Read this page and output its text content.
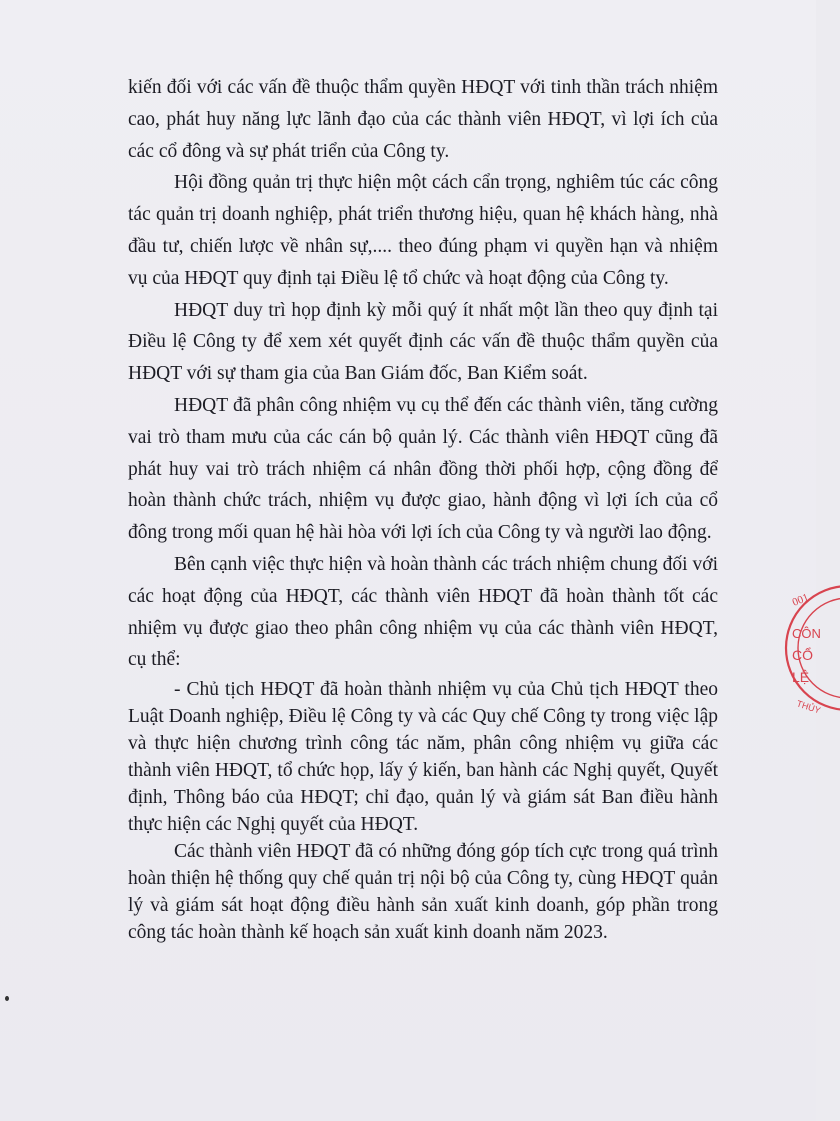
kiến đối với các vấn đề thuộc thẩm quyền HĐQT với tinh thần trách nhiệm cao, phát huy năng lực lãnh đạo của các thành viên HĐQT, vì lợi ích của các cổ đông và sự phát triển của Công ty.

Hội đồng quản trị thực hiện một cách cẩn trọng, nghiêm túc các công tác quản trị doanh nghiệp, phát triển thương hiệu, quan hệ khách hàng, nhà đầu tư, chiến lược về nhân sự,.... theo đúng phạm vi quyền hạn và nhiệm vụ của HĐQT quy định tại Điều lệ tổ chức và hoạt động của Công ty.

HĐQT duy trì họp định kỳ mỗi quý ít nhất một lần theo quy định tại Điều lệ Công ty để xem xét quyết định các vấn đề thuộc thẩm quyền của HĐQT với sự tham gia của Ban Giám đốc, Ban Kiểm soát.

HĐQT đã phân công nhiệm vụ cụ thể đến các thành viên, tăng cường vai trò tham mưu của các cán bộ quản lý. Các thành viên HĐQT cũng đã phát huy vai trò trách nhiệm cá nhân đồng thời phối hợp, cộng đồng để hoàn thành chức trách, nhiệm vụ được giao, hành động vì lợi ích của cổ đông trong mối quan hệ hài hòa với lợi ích của Công ty và người lao động.

Bên cạnh việc thực hiện và hoàn thành các trách nhiệm chung đối với các hoạt động của HĐQT, các thành viên HĐQT đã hoàn thành tốt các nhiệm vụ được giao theo phân công nhiệm vụ của các thành viên HĐQT, cụ thể:

- Chủ tịch HĐQT đã hoàn thành nhiệm vụ của Chủ tịch HĐQT theo Luật Doanh nghiệp, Điều lệ Công ty và các Quy chế Công ty trong việc lập và thực hiện chương trình công tác năm, phân công nhiệm vụ giữa các thành viên HĐQT, tổ chức họp, lấy ý kiến, ban hành các Nghị quyết, Quyết định, Thông báo của HĐQT; chỉ đạo, quản lý và giám sát Ban điều hành thực hiện các Nghị quyết của HĐQT.

Các thành viên HĐQT đã có những đóng góp tích cực trong quá trình hoàn thiện hệ thống quy chế quản trị nội bộ của Công ty, cùng HĐQT quản lý và giám sát hoạt động điều hành sản xuất kinh doanh, góp phần trong công tác hoàn thành kế hoạch sản xuất kinh doanh năm 2023.

001
CÔN
CỔ
LỆ
THỦY
